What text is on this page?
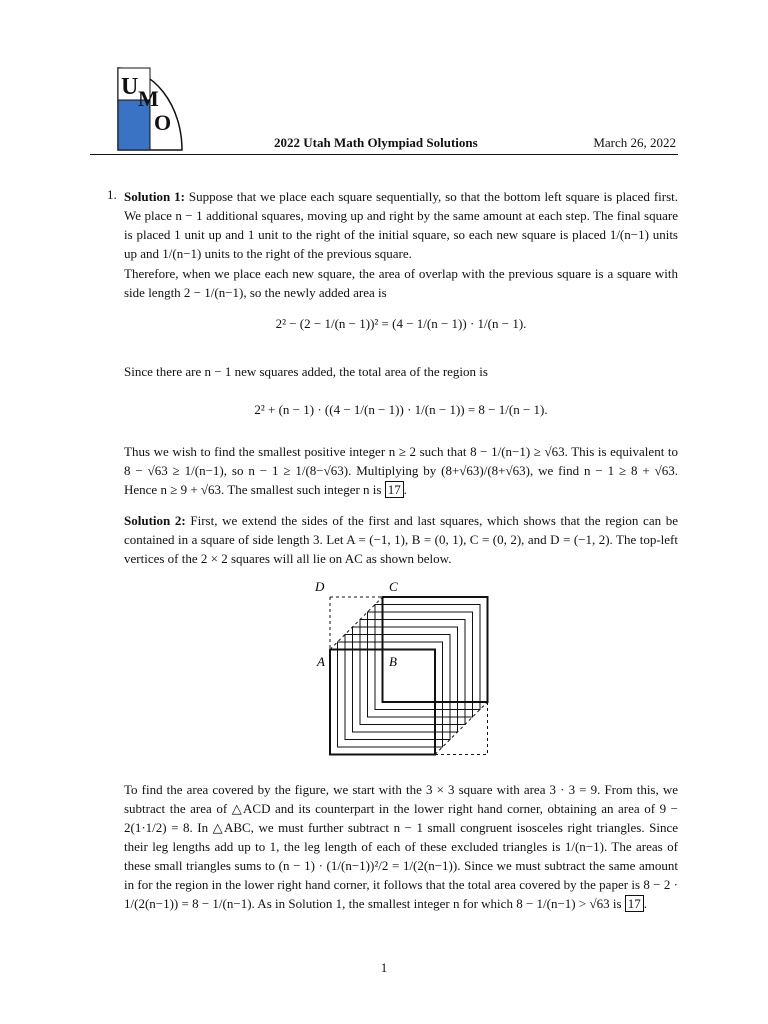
U M
O
2022 Utah Math Olympiad Solutions	March 26, 2022
1. Solution 1: Suppose that we place each square sequentially, so that the bottom left square is placed first. We place n − 1 additional squares, moving up and right by the same amount at each step. The final square is placed 1 unit up and 1 unit to the right of the initial square, so each new square is placed 1/(n−1) units up and 1/(n−1) units to the right of the previous square.
Therefore, when we place each new square, the area of overlap with the previous square is a square with side length 2 − 1/(n−1), so the newly added area is
2² − (2 − 1/(n − 1))² = (4 − 1/(n − 1)) · 1/(n − 1).
Since there are n − 1 new squares added, the total area of the region is
2² + (n − 1) · ((4 − 1/(n − 1)) · 1/(n − 1)) = 8 − 1/(n − 1).
Thus we wish to find the smallest positive integer n ≥ 2 such that 8 − 1/(n−1) ≥ √63. This is equivalent to 8 − √63 ≥ 1/(n−1), so n − 1 ≥ 1/(8−√63). Multiplying by (8+√63)/(8+√63), we find n − 1 ≥ 8 + √63. Hence n ≥ 9 + √63. The smallest such integer n is 17 .
Solution 2: First, we extend the sides of the first and last squares, which shows that the region can be contained in a square of side length 3. Let A = (−1, 1), B = (0, 1), C = (0, 2), and D = (−1, 2). The top-left vertices of the 2 × 2 squares will all lie on AC as shown below.
D	C
A	B
To find the area covered by the figure, we start with the 3 × 3 square with area 3 · 3 = 9. From this, we subtract the area of △ACD and its counterpart in the lower right hand corner, obtaining an area of 9 − 2(1·1/2) = 8. In △ABC, we must further subtract n − 1 small congruent isosceles right triangles. Since their leg lengths add up to 1, the leg length of each of these excluded triangles is 1/(n−1). The areas of these small triangles sums to (n − 1) · (1/(n−1))²/2 = 1/(2(n−1)). Since we must subtract the same amount in for the region in the lower right hand corner, it follows that the total area covered by the paper is 8 − 2 · 1/(2(n−1)) = 8 − 1/(n−1). As in Solution 1, the smallest integer n for which 8 − 1/(n−1) > √63 is 17 .
1
